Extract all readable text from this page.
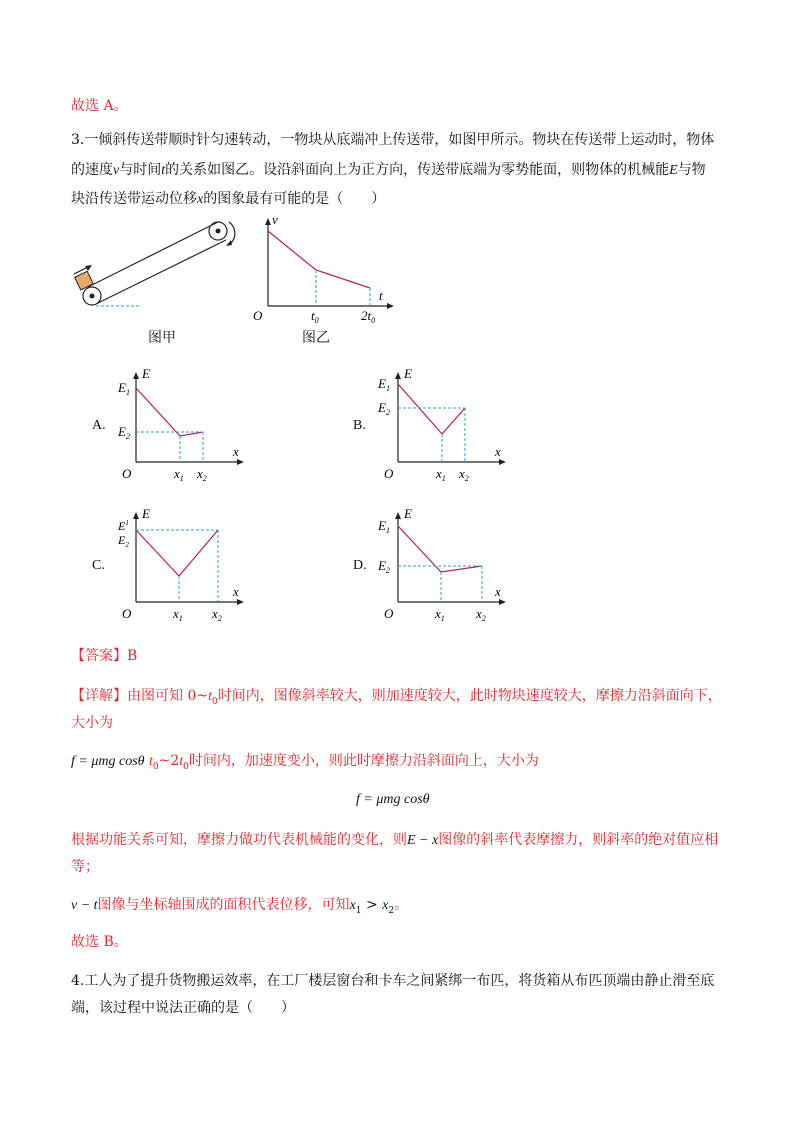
故选 A。
3.一倾斜传送带顺时针匀速转动，一物块从底端冲上传送带，如图甲所示。物块在传送带上运动时，物体
的速度v与时间t的关系如图乙。设沿斜面向上为正方向，传送带底端为零势能面，则物体的机械能E与物
块沿传送带运动位移x的图象最有可能的是（　　）
图甲
v
t
O	$t_0$	$2t_0$
图乙
A.
E
$E_1$
$E_2$
x
O	$x_1$ $x_2$
B.
E
$E_1$
$E_2$
x
O	$x_1$ $x_2$
C.
E
$E^1$
$E_2$
x
O	$x_1$ $x_2$
D.
E
$E_1$
$E_2$
x
O	$x_1$ $x_2$
【答案】B
【详解】由图可知 $0\sim t_0$时间内，图像斜率较大，则加速度较大，此时物块速度较大，摩擦力沿斜面向下，
大小为
f = μmg cosθ $t_0\sim 2t_0$时间内，加速度变小，则此时摩擦力沿斜面向上，大小为
f = μmg cosθ
根据功能关系可知，摩擦力做功代表机械能的变化，则E − x图像的斜率代表摩擦力，则斜率的绝对值应相
等；
v − t图像与坐标轴围成的面积代表位移，可知$x_1 > x_2$。
故选 B。
4.工人为了提升货物搬运效率，在工厂楼层窗台和卡车之间紧绑一布匹，将货箱从布匹顶端由静止滑至底
端，该过程中说法正确的是（　　）
